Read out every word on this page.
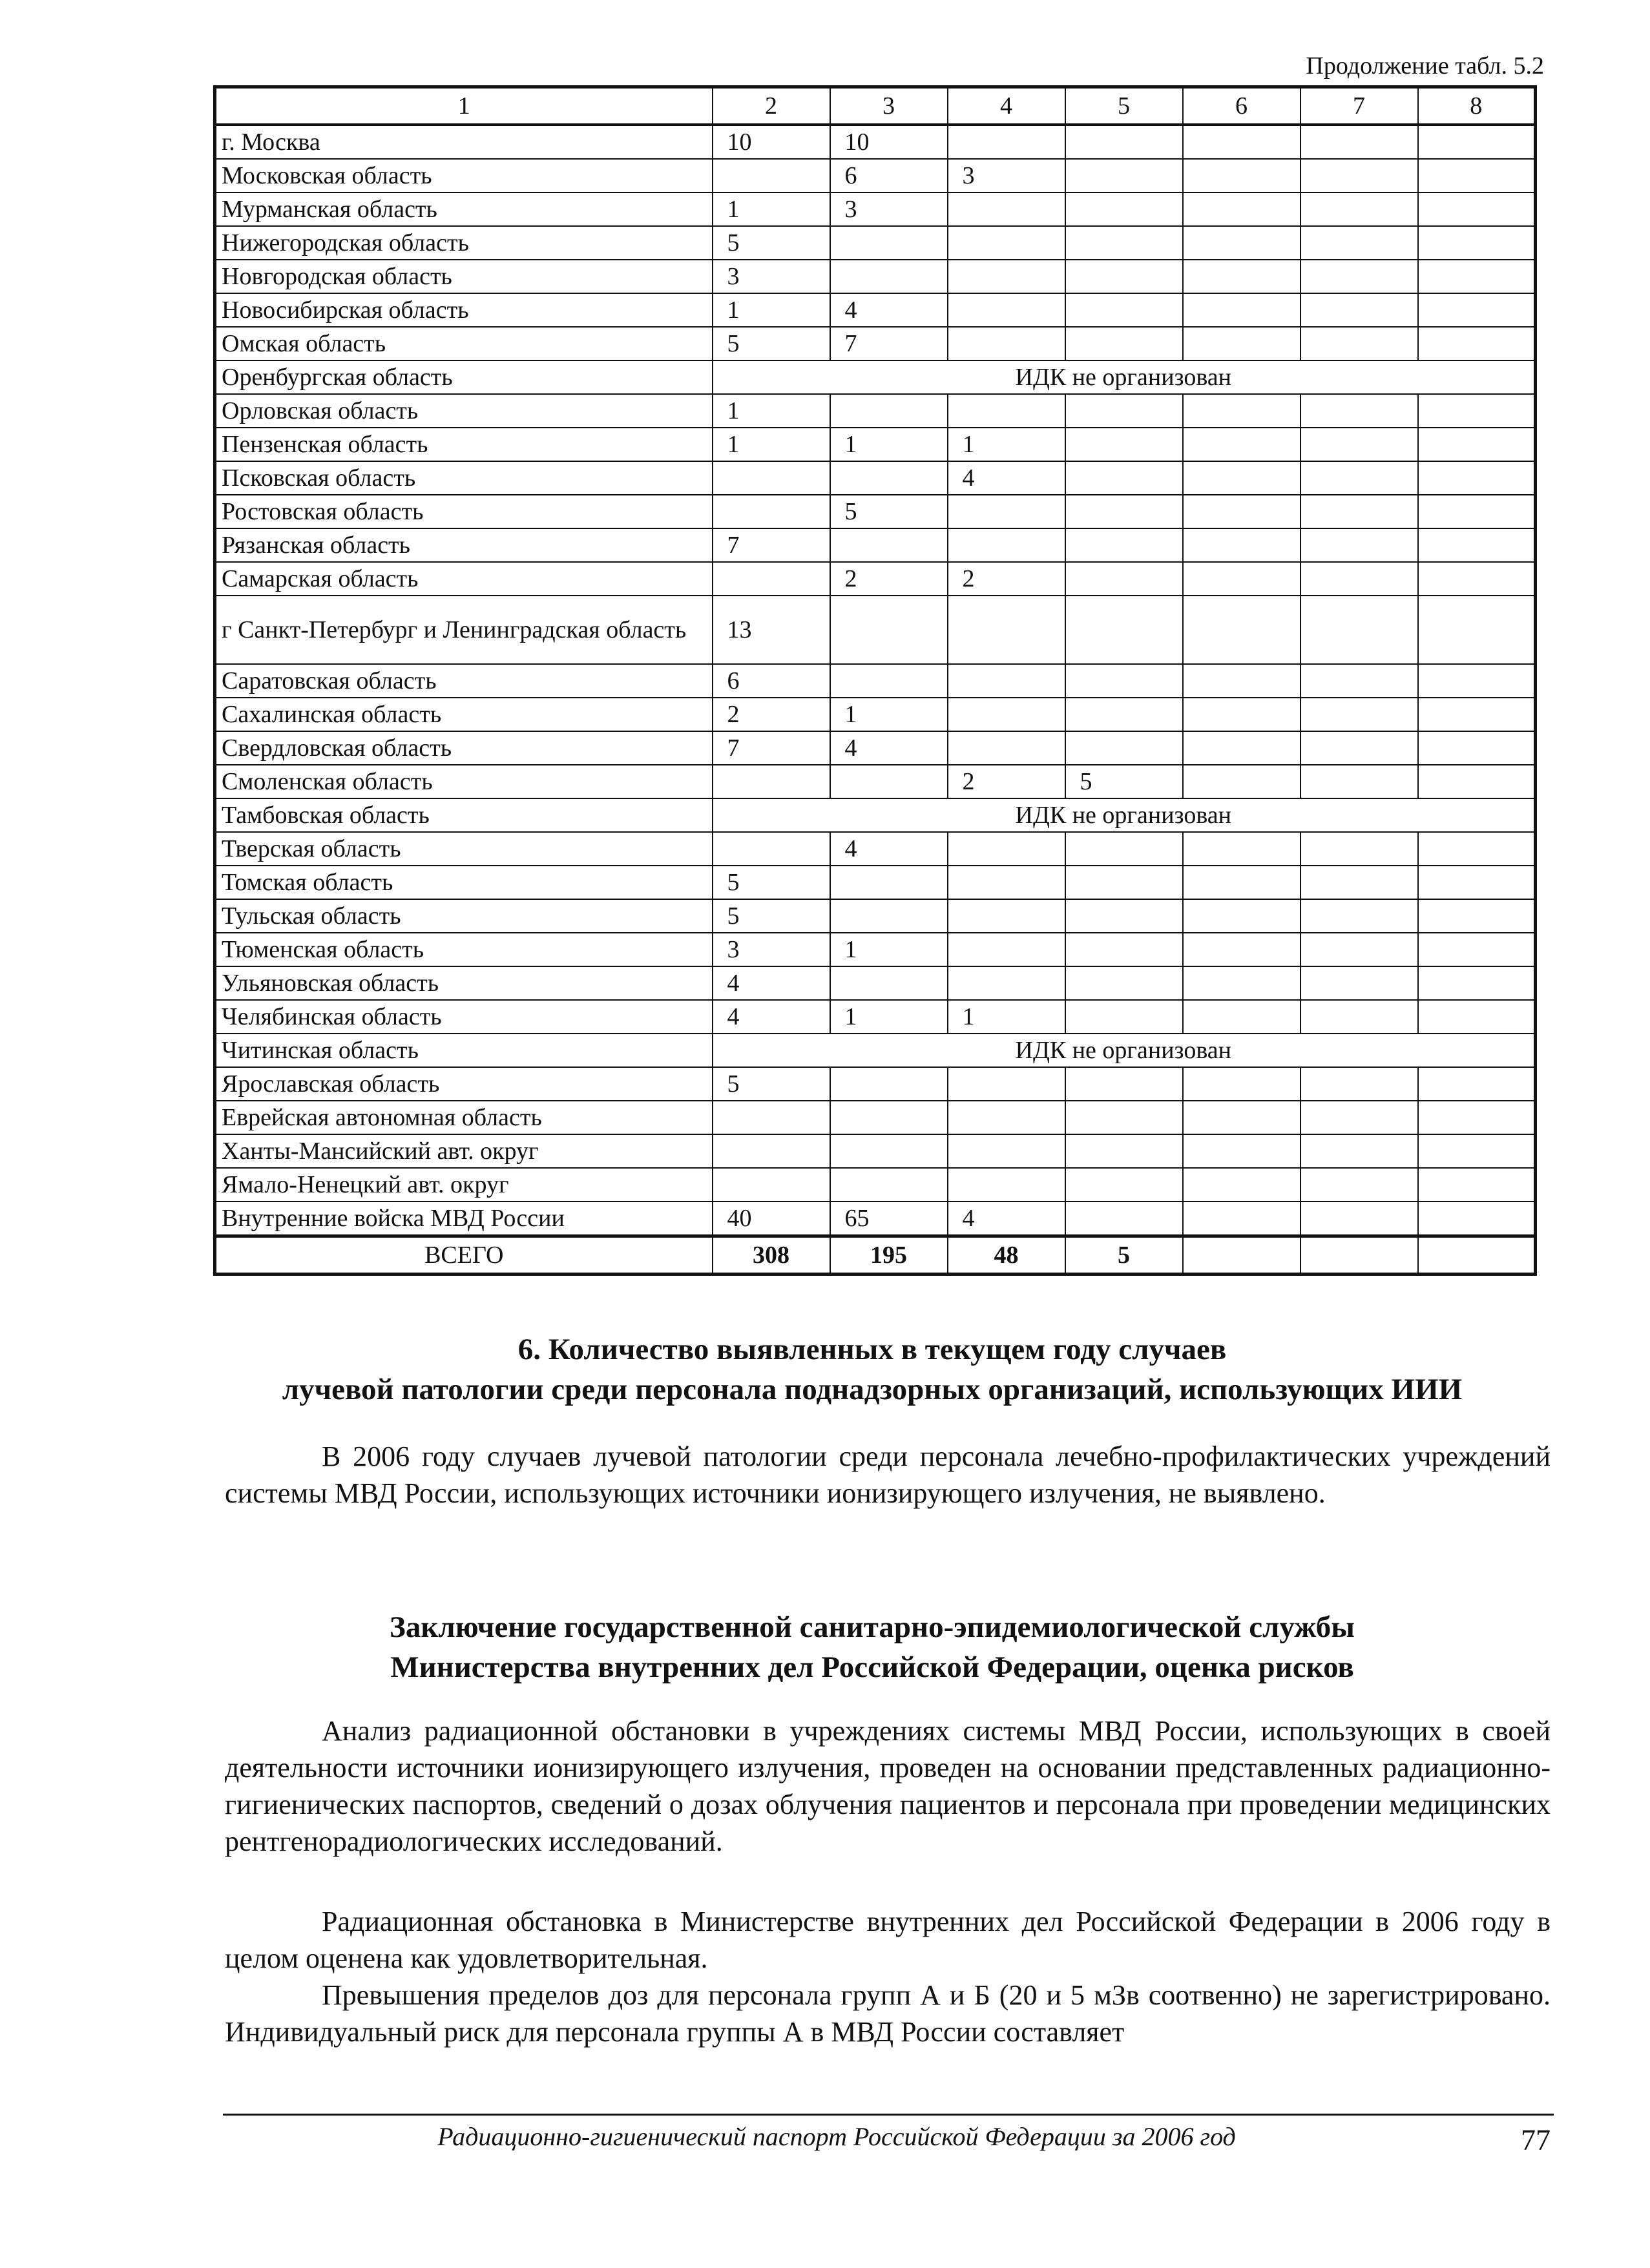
Продолжение табл. 5.2
1	2	3	4	5	6	7	8
г. Москва	10	10					
Московская область		6	3				
Мурманская область	1	3					
Нижегородская область	5						
Новгородская область	3						
Новосибирская область	1	4					
Омская область	5	7					
Оренбургская область	ИДК не организован						
Орловская область	1						
Пензенская область	1	1	1				
Псковская область			4				
Ростовская область		5					
Рязанская область	7						
Самарская область		2	2				
г Санкт-Петербург и Ленинградская область	13						
Саратовская область	6						
Сахалинская область	2	1					
Свердловская область	7	4					
Смоленская область			2	5			
Тамбовская область	ИДК не организован						
Тверская область		4					
Томская область	5						
Тульская область	5						
Тюменская область	3	1					
Ульяновская область	4						
Челябинская область	4	1	1				
Читинская область	ИДК не организован						
Ярославская область	5						
Еврейская автономная область							
Ханты-Мансийский авт. округ							
Ямало-Ненецкий авт. округ							
Внутренние войска МВД России	40	65	4				
ВСЕГО	308	195	48	5			
6. Количество выявленных в текущем году случаев
лучевой патологии среди персонала поднадзорных организаций, использующих ИИИ
В 2006 году случаев лучевой патологии среди персонала лечебно-профилактических учреждений системы МВД России, использующих источники ионизирующего излучения, не выявлено.
Заключение государственной санитарно-эпидемиологической службы
Министерства внутренних дел Российской Федерации, оценка рисков
Анализ радиационной обстановки в учреждениях системы МВД России, использующих в своей деятельности источники ионизирующего излучения, проведен на основании представленных радиационно-гигиенических паспортов, сведений о дозах облучения пациентов и персонала при проведении медицинских рентгенорадиологических исследований.
Радиационная обстановка в Министерстве внутренних дел Российской Федерации в 2006 году в целом оценена как удовлетворительная.
Превышения пределов доз для персонала групп А и Б (20 и 5 мЗв соотвенно) не зарегистрировано. Индивидуальный риск для персонала группы А в МВД России составляет
Радиационно-гигиенический паспорт Российской Федерации за 2006 год	77
